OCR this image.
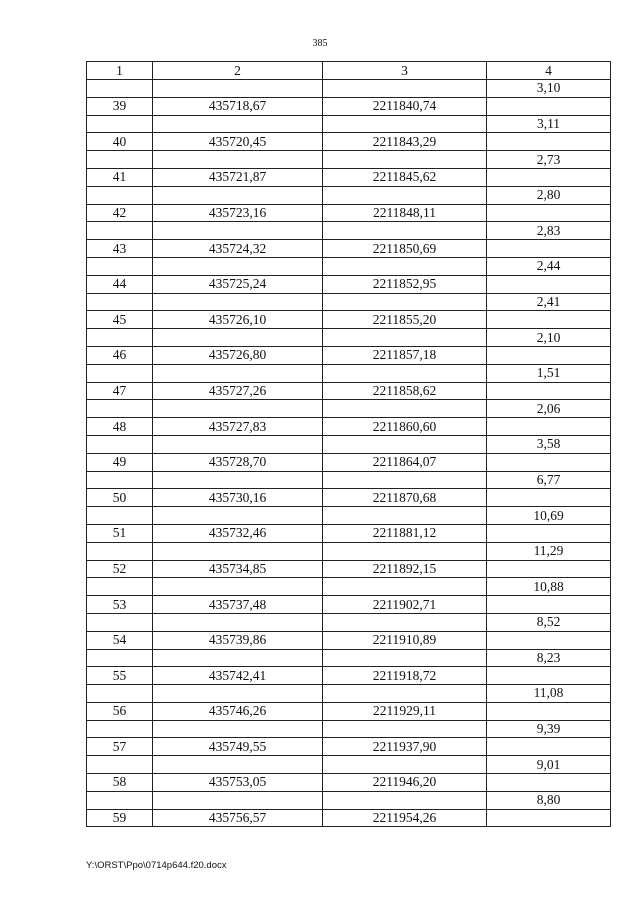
385
1	2	3	4
			3,10
39	435718,67	2211840,74	
			3,11
40	435720,45	2211843,29	
			2,73
41	435721,87	2211845,62	
			2,80
42	435723,16	2211848,11	
			2,83
43	435724,32	2211850,69	
			2,44
44	435725,24	2211852,95	
			2,41
45	435726,10	2211855,20	
			2,10
46	435726,80	2211857,18	
			1,51
47	435727,26	2211858,62	
			2,06
48	435727,83	2211860,60	
			3,58
49	435728,70	2211864,07	
			6,77
50	435730,16	2211870,68	
			10,69
51	435732,46	2211881,12	
			11,29
52	435734,85	2211892,15	
			10,88
53	435737,48	2211902,71	
			8,52
54	435739,86	2211910,89	
			8,23
55	435742,41	2211918,72	
			11,08
56	435746,26	2211929,11	
			9,39
57	435749,55	2211937,90	
			9,01
58	435753,05	2211946,20	
			8,80
59	435756,57	2211954,26	
Y:\ORST\Ppo\0714p644.f20.docx
